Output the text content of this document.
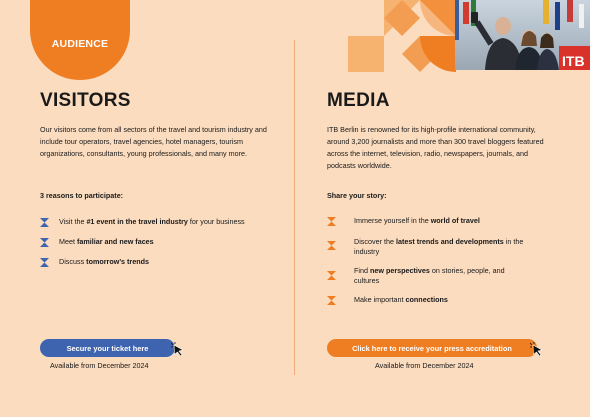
AUDIENCE
ITB
VISITORS

Our visitors come from all sectors of the travel and tourism industry and include tour operators, travel agencies, hotel managers, tourism organizations, consultants, young professionals, and many more.

3 reasons to participate:
Visit the #1 event in the travel industry for your business
Meet familiar and new faces
Discuss tomorrow’s trends
Secure your ticket here
Available from December 2024
MEDIA

ITB Berlin is renowned for its high-profile international community, around 3,200 journalists and more than 300 travel bloggers featured across the internet, television, radio, newspapers, journals, and podcasts worldwide.

Share your story:
Immerse yourself in the world of travel
Discover the latest trends and developments in the industry
Find new perspectives on stories, people, and cultures
Make important connections
Click here to receive your press accreditation
Available from December 2024
